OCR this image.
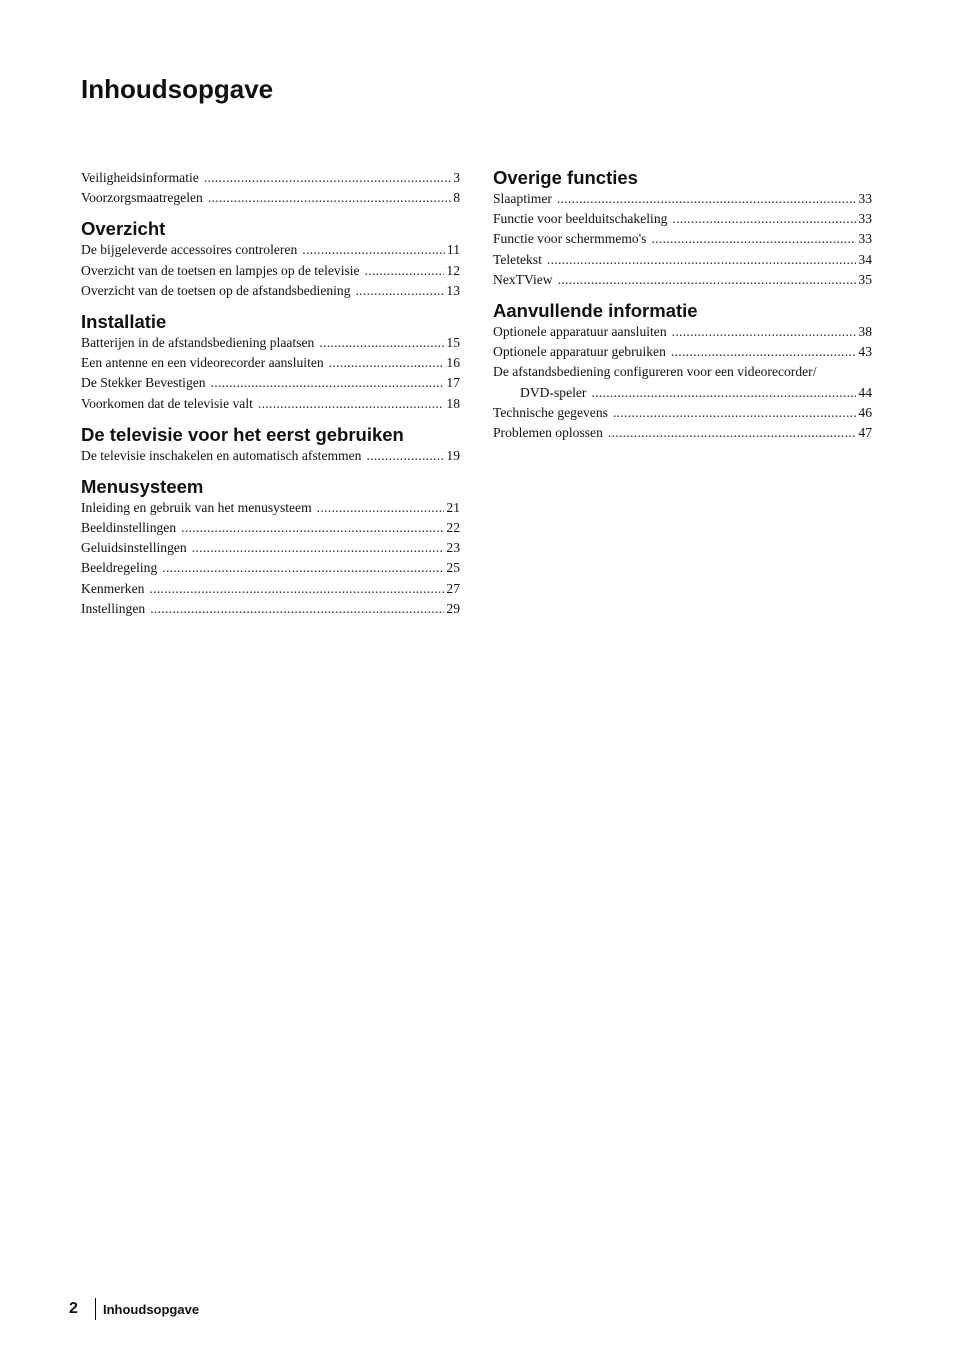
Inhoudsopgave
Veiligheidsinformatie .....	3
Voorzorgsmaatregelen .....	8
Overzicht
De bijgeleverde accessoires controleren .....	11
Overzicht van de toetsen en lampjes op de televisie .....	12
Overzicht van de toetsen op de afstandsbediening .....	13
Installatie
Batterijen in de afstandsbediening plaatsen .....	15
Een antenne en een videorecorder aansluiten .....	16
De Stekker Bevestigen .....	17
Voorkomen dat de televisie valt .....	18
De televisie voor het eerst gebruiken
De televisie inschakelen en automatisch afstemmen .....	19
Menusysteem
Inleiding en gebruik van het menusysteem .....	21
Beeldinstellingen .....	22
Geluidsinstellingen .....	23
Beeldregeling .....	25
Kenmerken .....	27
Instellingen .....	29
Overige functies
Slaaptimer .....	33
Functie voor beelduitschakeling .....	33
Functie voor schermmemo's .....	33
Teletekst .....	34
NexTView .....	35
Aanvullende informatie
Optionele apparatuur aansluiten .....	38
Optionele apparatuur gebruiken .....	43
De afstandsbediening configureren voor een videorecorder/
DVD-speler .....	44
Technische gegevens .....	46
Problemen oplossen .....	47
2	Inhoudsopgave
